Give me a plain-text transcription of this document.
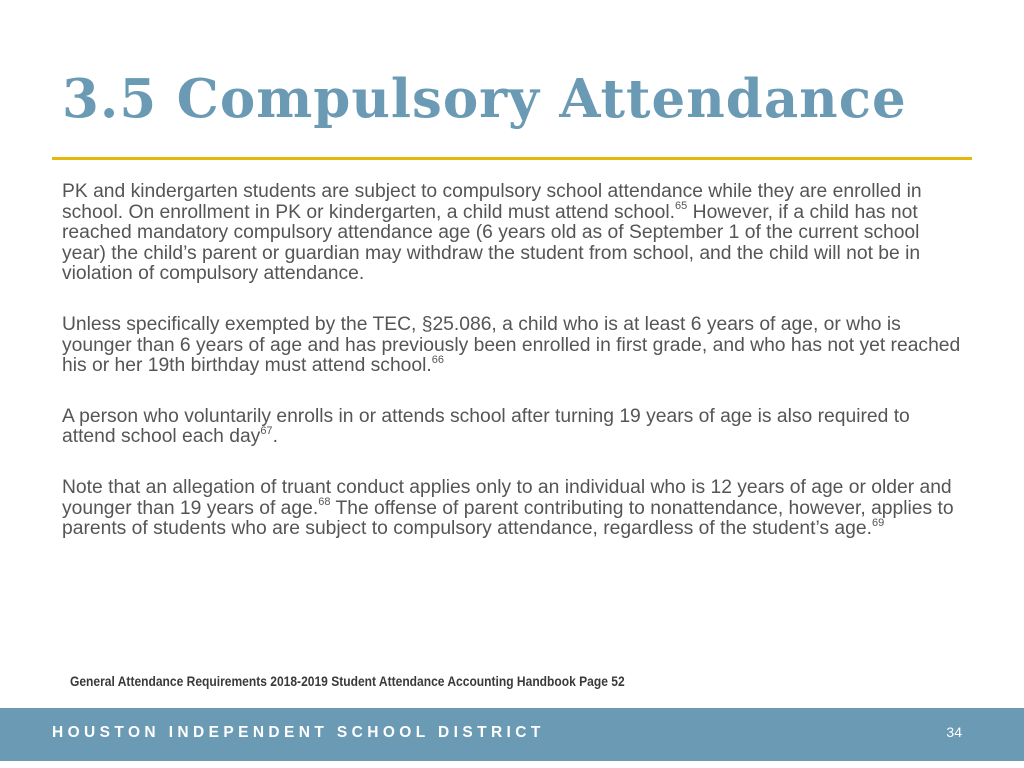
3.5 Compulsory Attendance

PK and kindergarten students are subject to compulsory school attendance while they are enrolled in school. On enrollment in PK or kindergarten, a child must attend school.$^{65}$ However, if a child has not reached mandatory compulsory attendance age (6 years old as of September 1 of the current school year) the child’s parent or guardian may withdraw the student from school, and the child will not be in violation of compulsory attendance.

Unless specifically exempted by the TEC, §25.086, a child who is at least 6 years of age, or who is younger than 6 years of age and has previously been enrolled in first grade, and who has not yet reached his or her 19th birthday must attend school.$^{66}$

A person who voluntarily enrolls in or attends school after turning 19 years of age is also required to attend school each day$^{67}$.

Note that an allegation of truant conduct applies only to an individual who is 12 years of age or older and younger than 19 years of age.$^{68}$ The offense of parent contributing to nonattendance, however, applies to parents of students who are subject to compulsory attendance, regardless of the student’s age.$^{69}$

General Attendance Requirements 2018-2019 Student Attendance Accounting Handbook Page 52
HOUSTON INDEPENDENT SCHOOL DISTRICT	34
